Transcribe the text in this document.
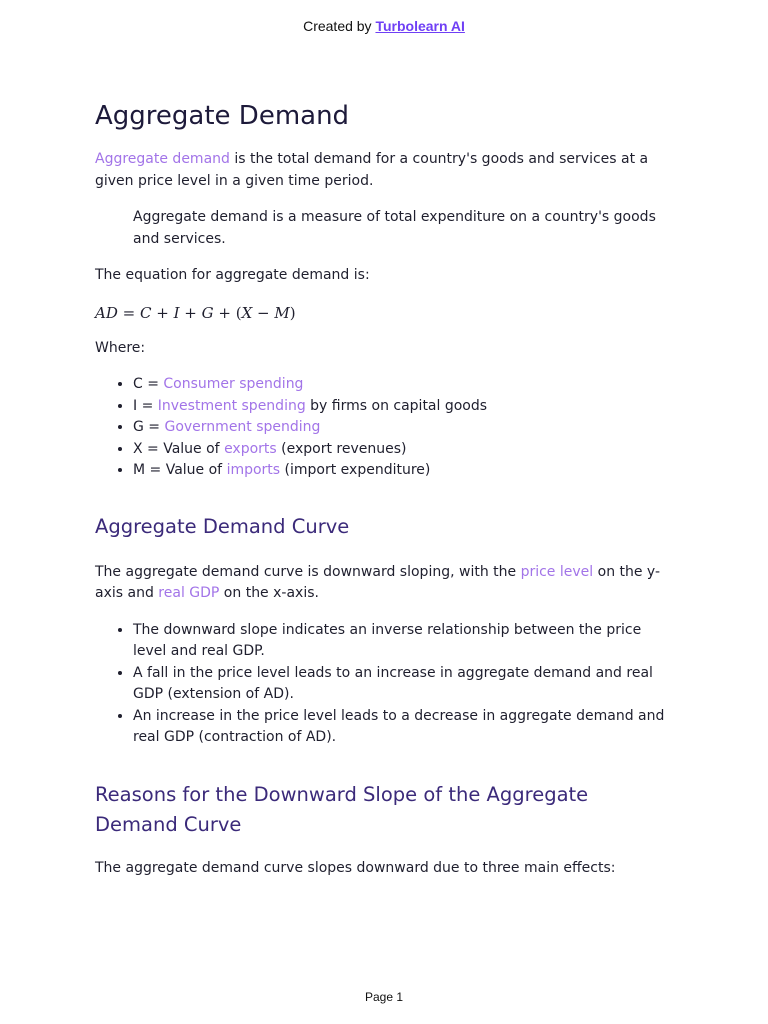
Created by Turbolearn AI
Aggregate Demand

Aggregate demand is the total demand for a country's goods and services at a given price level in a given time period.

Aggregate demand is a measure of total expenditure on a country's goods and services.

The equation for aggregate demand is:

AD = C + I + G + (X − M)

Where:

• C = Consumer spending
• I = Investment spending by firms on capital goods
• G = Government spending
• X = Value of exports (export revenues)
• M = Value of imports (import expenditure)
Aggregate Demand Curve

The aggregate demand curve is downward sloping, with the price level on the y-axis and real GDP on the x-axis.

• The downward slope indicates an inverse relationship between the price level and real GDP.
• A fall in the price level leads to an increase in aggregate demand and real GDP (extension of AD).
• An increase in the price level leads to a decrease in aggregate demand and real GDP (contraction of AD).
Reasons for the Downward Slope of the Aggregate Demand Curve

The aggregate demand curve slopes downward due to three main effects:

Page 1
